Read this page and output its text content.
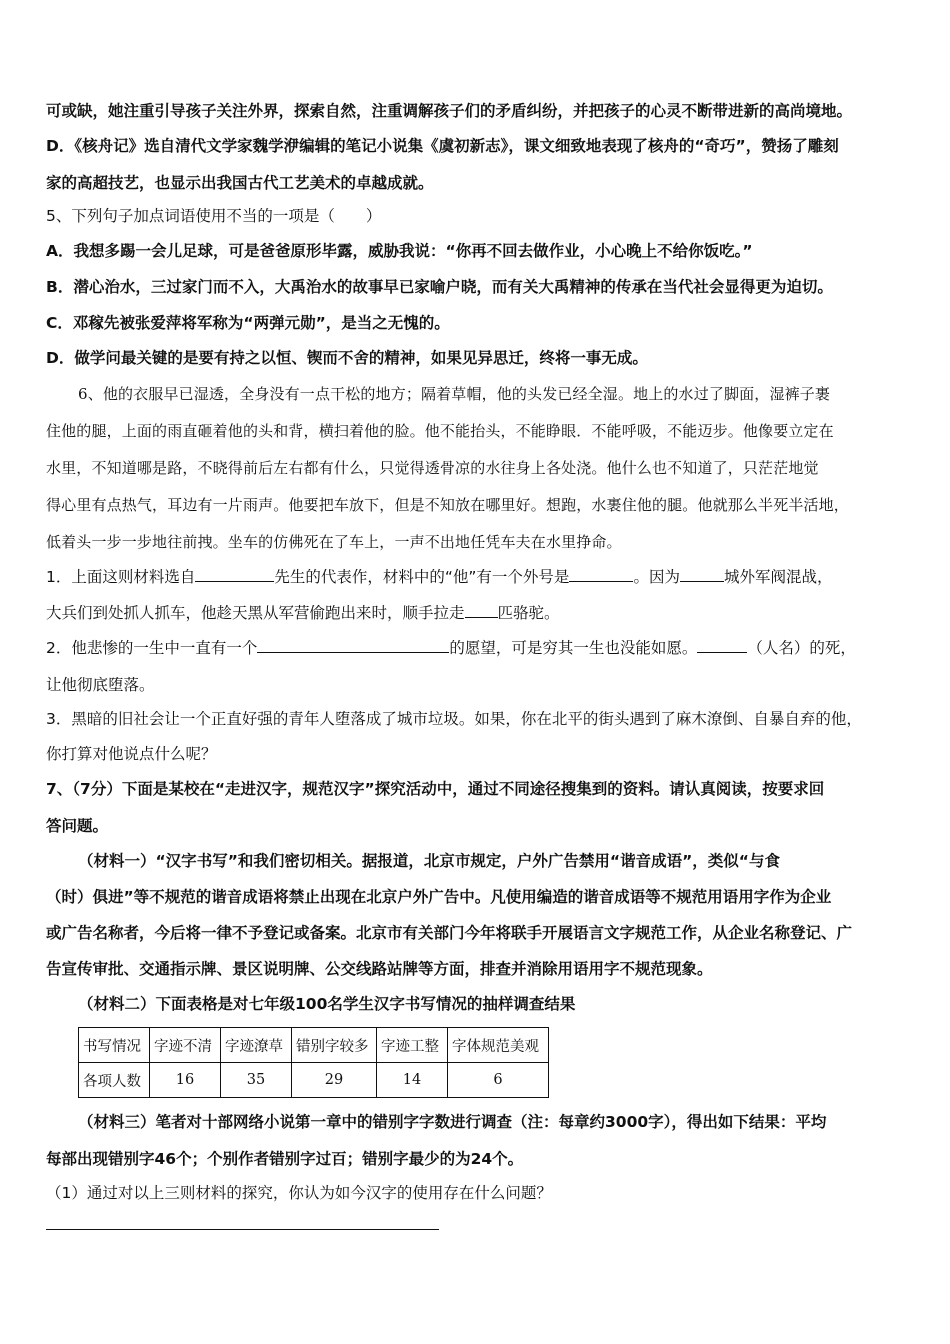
可或缺，她注重引导孩子关注外界，探索自然，注重调解孩子们的矛盾纠纷，并把孩子的心灵不断带进新的高尚境地。
D．《核舟记》选自清代文学家魏学洢编辑的笔记小说集《虞初新志》，课文细致地表现了核舟的“奇巧”，赞扬了雕刻
家的高超技艺，也显示出我国古代工艺美术的卓越成就。
5、下列句子加点词语使用不当的一项是（　　）
A．我想多踢一会儿足球，可是爸爸原形毕露，威胁我说：“你再不回去做作业，小心晚上不给你饭吃。”
B．潜心治水，三过家门而不入，大禹治水的故事早已家喻户晓，而有关大禹精神的传承在当代社会显得更为迫切。
C．邓稼先被张爱萍将军称为“两弹元勋”，是当之无愧的。
D．做学问最关键的是要有持之以恒、锲而不舍的精神，如果见异思迁，终将一事无成。
6、他的衣服早已湿透，全身没有一点干松的地方；隔着草帽，他的头发已经全湿。地上的水过了脚面，湿裤子裹
住他的腿，上面的雨直砸着他的头和背，横扫着他的脸。他不能抬头，不能睁眼．不能呼吸，不能迈步。他像要立定在
水里，不知道哪是路，不晓得前后左右都有什么，只觉得透骨凉的水往身上各处浇。他什么也不知道了，只茫茫地觉
得心里有点热气，耳边有一片雨声。他要把车放下，但是不知放在哪里好。想跑，水裹住他的腿。他就那么半死半活地，
低着头一步一步地往前拽。坐车的仿佛死在了车上，一声不出地任凭车夫在水里挣命。
1．上面这则材料选自	先生的代表作，材料中的“他”有一个外号是	。因为	城外军阀混战，
大兵们到处抓人抓车，他趁天黑从军营偷跑出来时，顺手拉走 匹骆驼。
2．他悲惨的一生中一直有一个	的愿望，可是穷其一生也没能如愿。	（人名）的死，
让他彻底堕落。
3．黑暗的旧社会让一个正直好强的青年人堕落成了城市垃圾。如果，你在北平的街头遇到了麻木潦倒、自暴自弃的他，
你打算对他说点什么呢？
7、（7分）下面是某校在“走进汉字，规范汉字”探究活动中，通过不同途径搜集到的资料。请认真阅读，按要求回
答问题。
（材料一）“汉字书写”和我们密切相关。据报道，北京市规定，户外广告禁用“谐音成语”，类似“与食
（时）俱进”等不规范的谐音成语将禁止出现在北京户外广告中。凡使用编造的谐音成语等不规范用语用字作为企业
或广告名称者，今后将一律不予登记或备案。北京市有关部门今年将联手开展语言文字规范工作，从企业名称登记、广
告宣传审批、交通指示牌、景区说明牌、公交线路站牌等方面，排查并消除用语用字不规范现象。
（材料二）下面表格是对七年级100名学生汉字书写情况的抽样调查结果
书写情况	字迹不清	字迹潦草	错别字较多	字迹工整	字体规范美观
各项人数	16	35	29	14	6
（材料三）笔者对十部网络小说第一章中的错别字字数进行调查（注：每章约3000字），得出如下结果：平均
每部出现错别字46个；个别作者错别字过百；错别字最少的为24个。
（1）通过对以上三则材料的探究，你认为如今汉字的使用存在什么问题？
